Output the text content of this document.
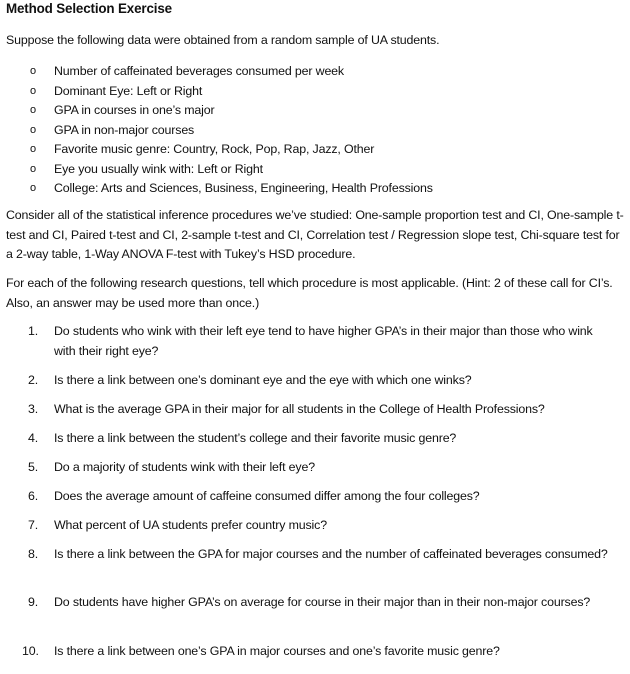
Method Selection Exercise
Suppose the following data were obtained from a random sample of UA students.
o Number of caffeinated beverages consumed per week
o Dominant Eye: Left or Right
o GPA in courses in one’s major
o GPA in non-major courses
o Favorite music genre: Country, Rock, Pop, Rap, Jazz, Other
o Eye you usually wink with: Left or Right
o College: Arts and Sciences, Business, Engineering, Health Professions
Consider all of the statistical inference procedures we’ve studied: One-sample proportion test and CI, One-sample t-test and CI, Paired t-test and CI, 2-sample t-test and CI, Correlation test / Regression slope test, Chi-square test for a 2-way table, 1-Way ANOVA F-test with Tukey’s HSD procedure.
For each of the following research questions, tell which procedure is most applicable. (Hint: 2 of these call for CI’s. Also, an answer may be used more than once.)
1. Do students who wink with their left eye tend to have higher GPA’s in their major than those who wink with their right eye?
2. Is there a link between one’s dominant eye and the eye with which one winks?
3. What is the average GPA in their major for all students in the College of Health Professions?
4. Is there a link between the student’s college and their favorite music genre?
5. Do a majority of students wink with their left eye?
6. Does the average amount of caffeine consumed differ among the four colleges?
7. What percent of UA students prefer country music?
8. Is there a link between the GPA for major courses and the number of caffeinated beverages consumed?
9. Do students have higher GPA’s on average for course in their major than in their non-major courses?
10. Is there a link between one’s GPA in major courses and one’s favorite music genre?
